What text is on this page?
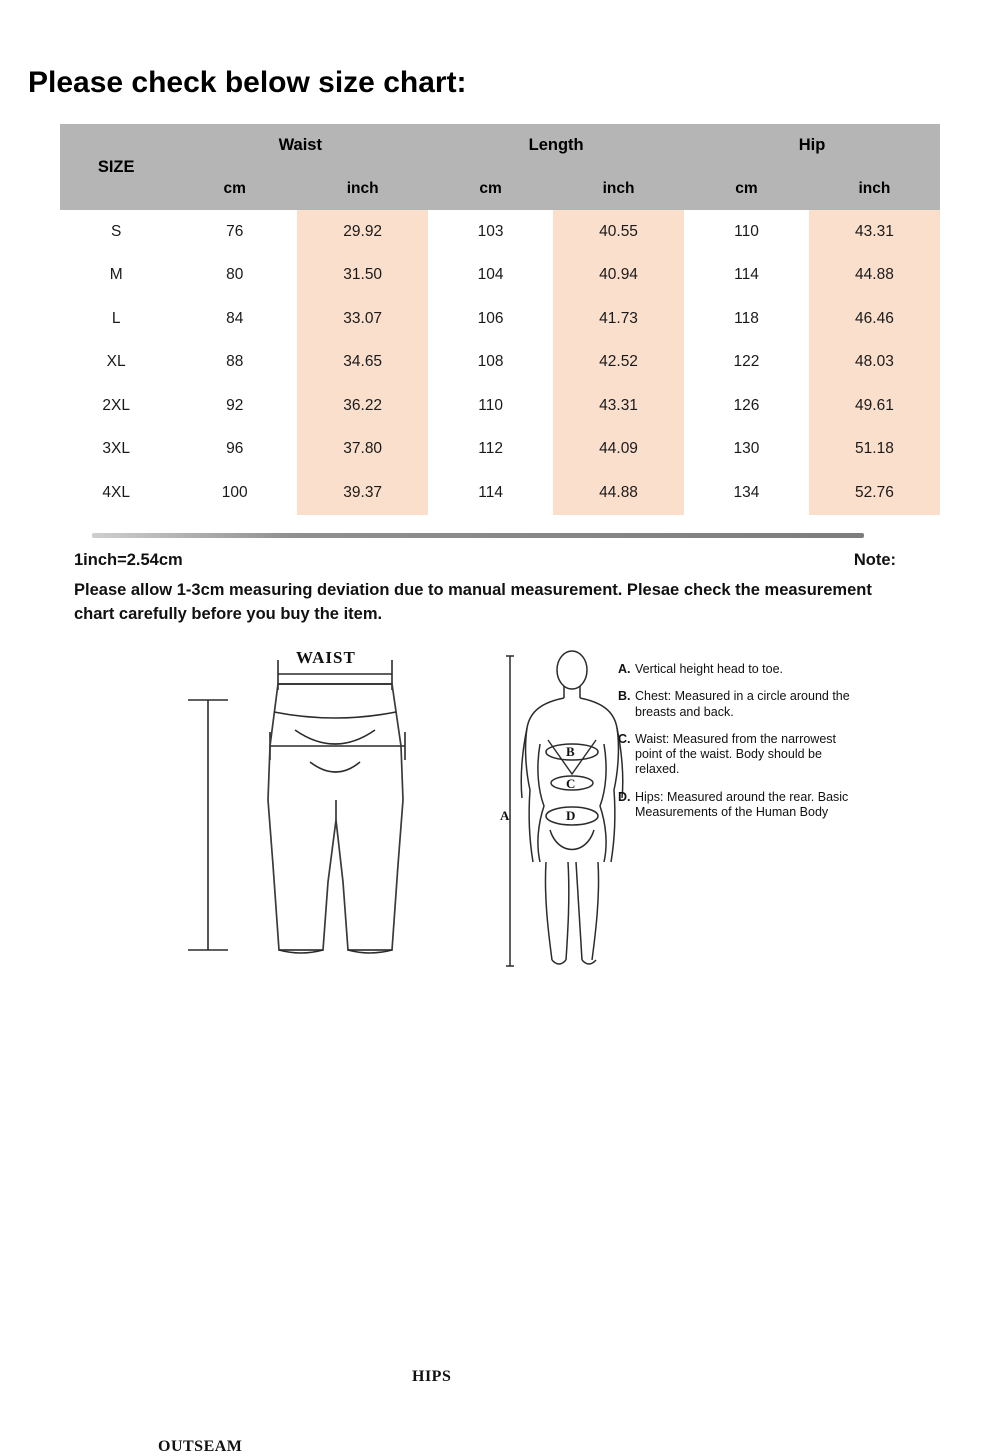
Please check below size chart:
SIZE	Waist		Length		Hip	
	cm	inch	cm	inch	cm	inch
S	76	29.92	103	40.55	110	43.31
M	80	31.50	104	40.94	114	44.88
L	84	33.07	106	41.73	118	46.46
XL	88	34.65	108	42.52	122	48.03
2XL	92	36.22	110	43.31	126	49.61
3XL	96	37.80	112	44.09	130	51.18
4XL	100	39.37	114	44.88	134	52.76
1inch=2.54cm	Note:
Please allow 1-3cm measuring deviation due to manual measurement. Plesae check the measurement chart carefully before you buy the item.
WAIST
HIPS
OUTSEAM
A
B
C
D
A. Vertical height head to toe.
B. Chest: Measured in a circle around the breasts and back.
C. Waist: Measured from the narrowest point of the waist. Body should be relaxed.
D. Hips: Measured around the rear. Basic Measurements of the Human Body
